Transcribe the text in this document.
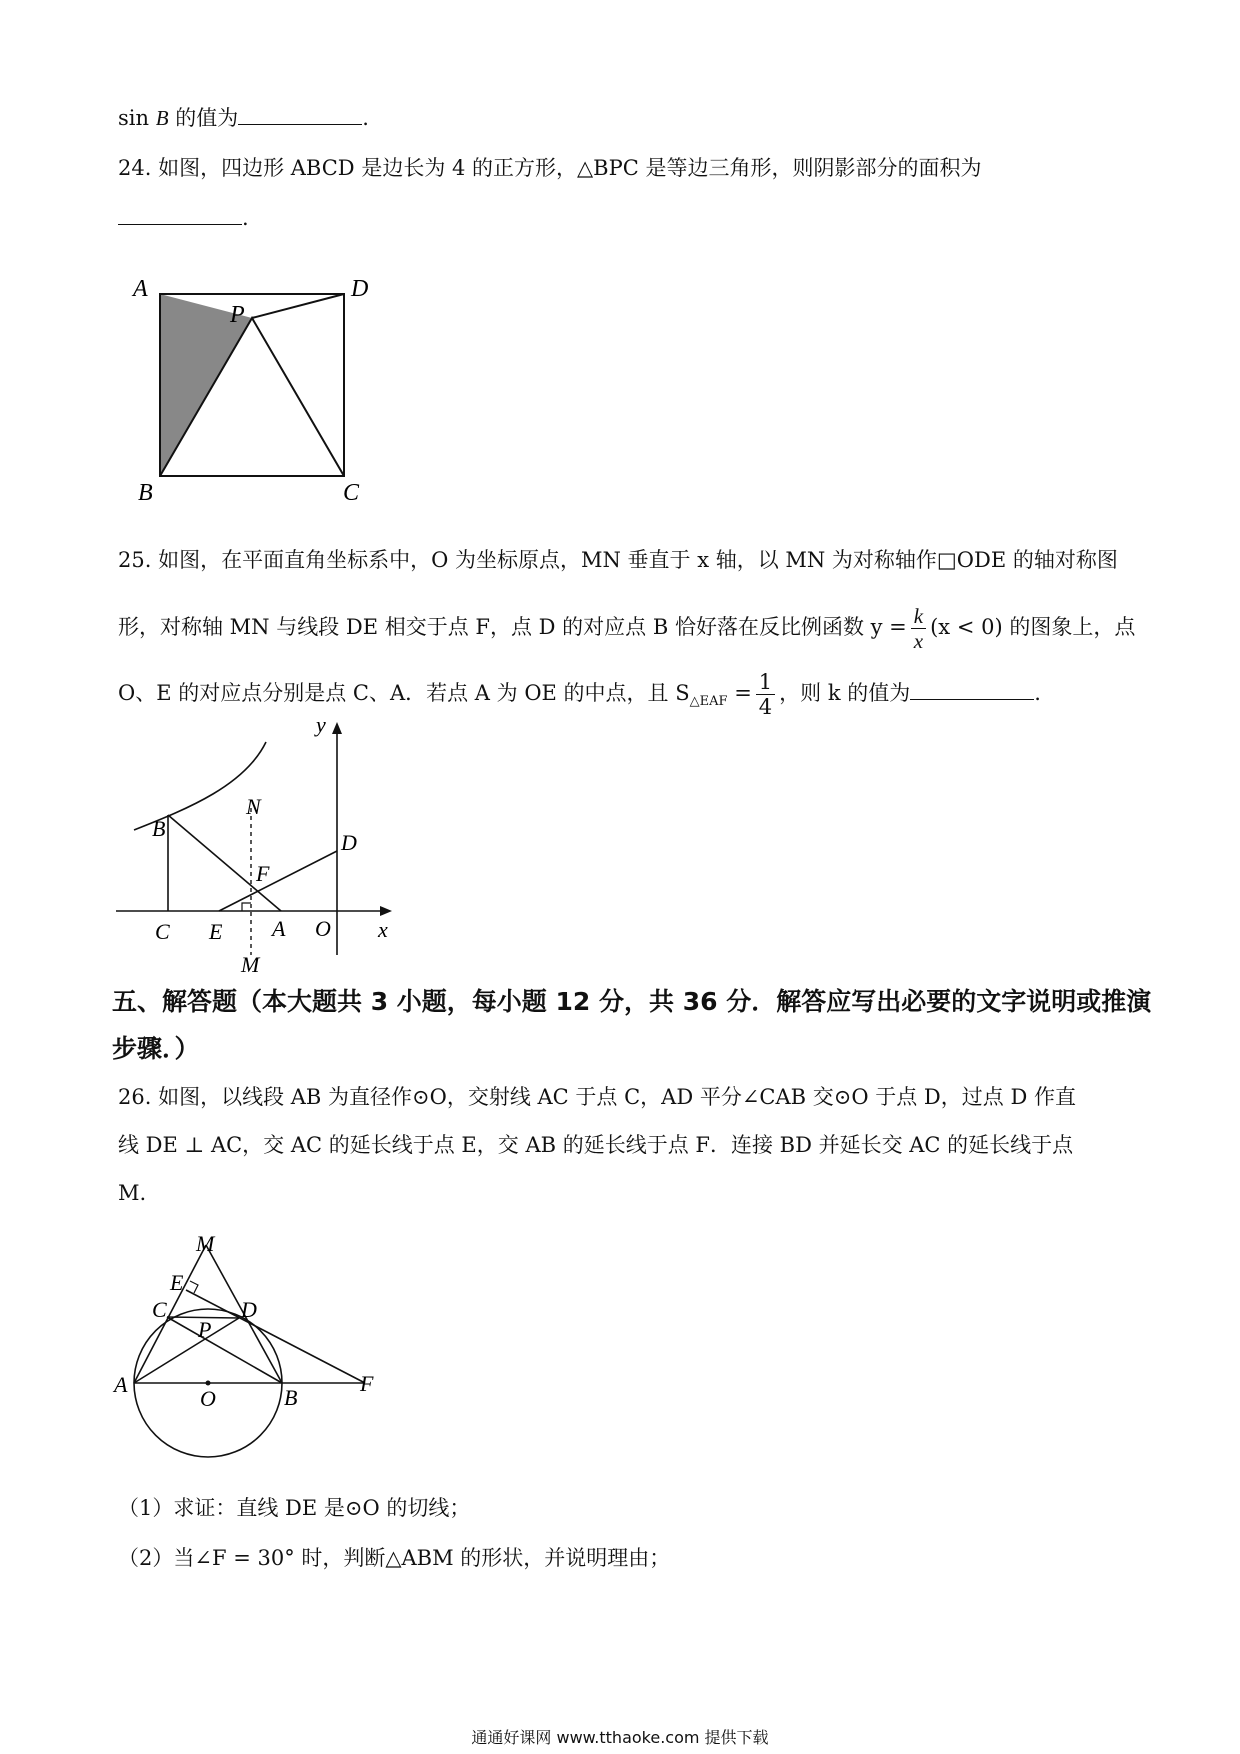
sin B 的值为	.
24. 如图，四边形 ABCD 是边长为 4 的正方形，△BPC 是等边三角形，则阴影部分的面积为
.
A	D
P
B	C
25. 如图，在平面直角坐标系中，O 为坐标原点，MN 垂直于 x 轴，以 MN 为对称轴作□ODE 的轴对称图
形，对称轴 MN 与线段 DE 相交于点 F，点 D 的对应点 B 恰好落在反比例函数 $y = \frac{k}{x} (x < 0)$ 的图象上，点
O、E 的对应点分别是点 C、A．若点 A 为 OE 的中点，且 $S_{\triangle EAF} = \frac{1}{4}$ ，则 k 的值为	.
y
x
N
B
D
F
C E A O
M
五、解答题（本大题共 3 小题，每小题 12 分，共 36 分．解答应写出必要的文字说明或推演
步骤．）
26. 如图，以线段 AB 为直径作⊙O，交射线 AC 于点 C，AD 平分∠CAB 交⊙O 于点 D，过点 D 作直
线 DE ⊥ AC，交 AC 的延长线于点 E，交 AB 的延长线于点 F．连接 BD 并延长交 AC 的延长线于点
M.
M
E
C	D
P
A
O	B
F
（1）求证：直线 DE 是⊙O 的切线；
（2）当∠F = 30° 时，判断△ABM 的形状，并说明理由；
通通好课网 www.tthaoke.com 提供下载
